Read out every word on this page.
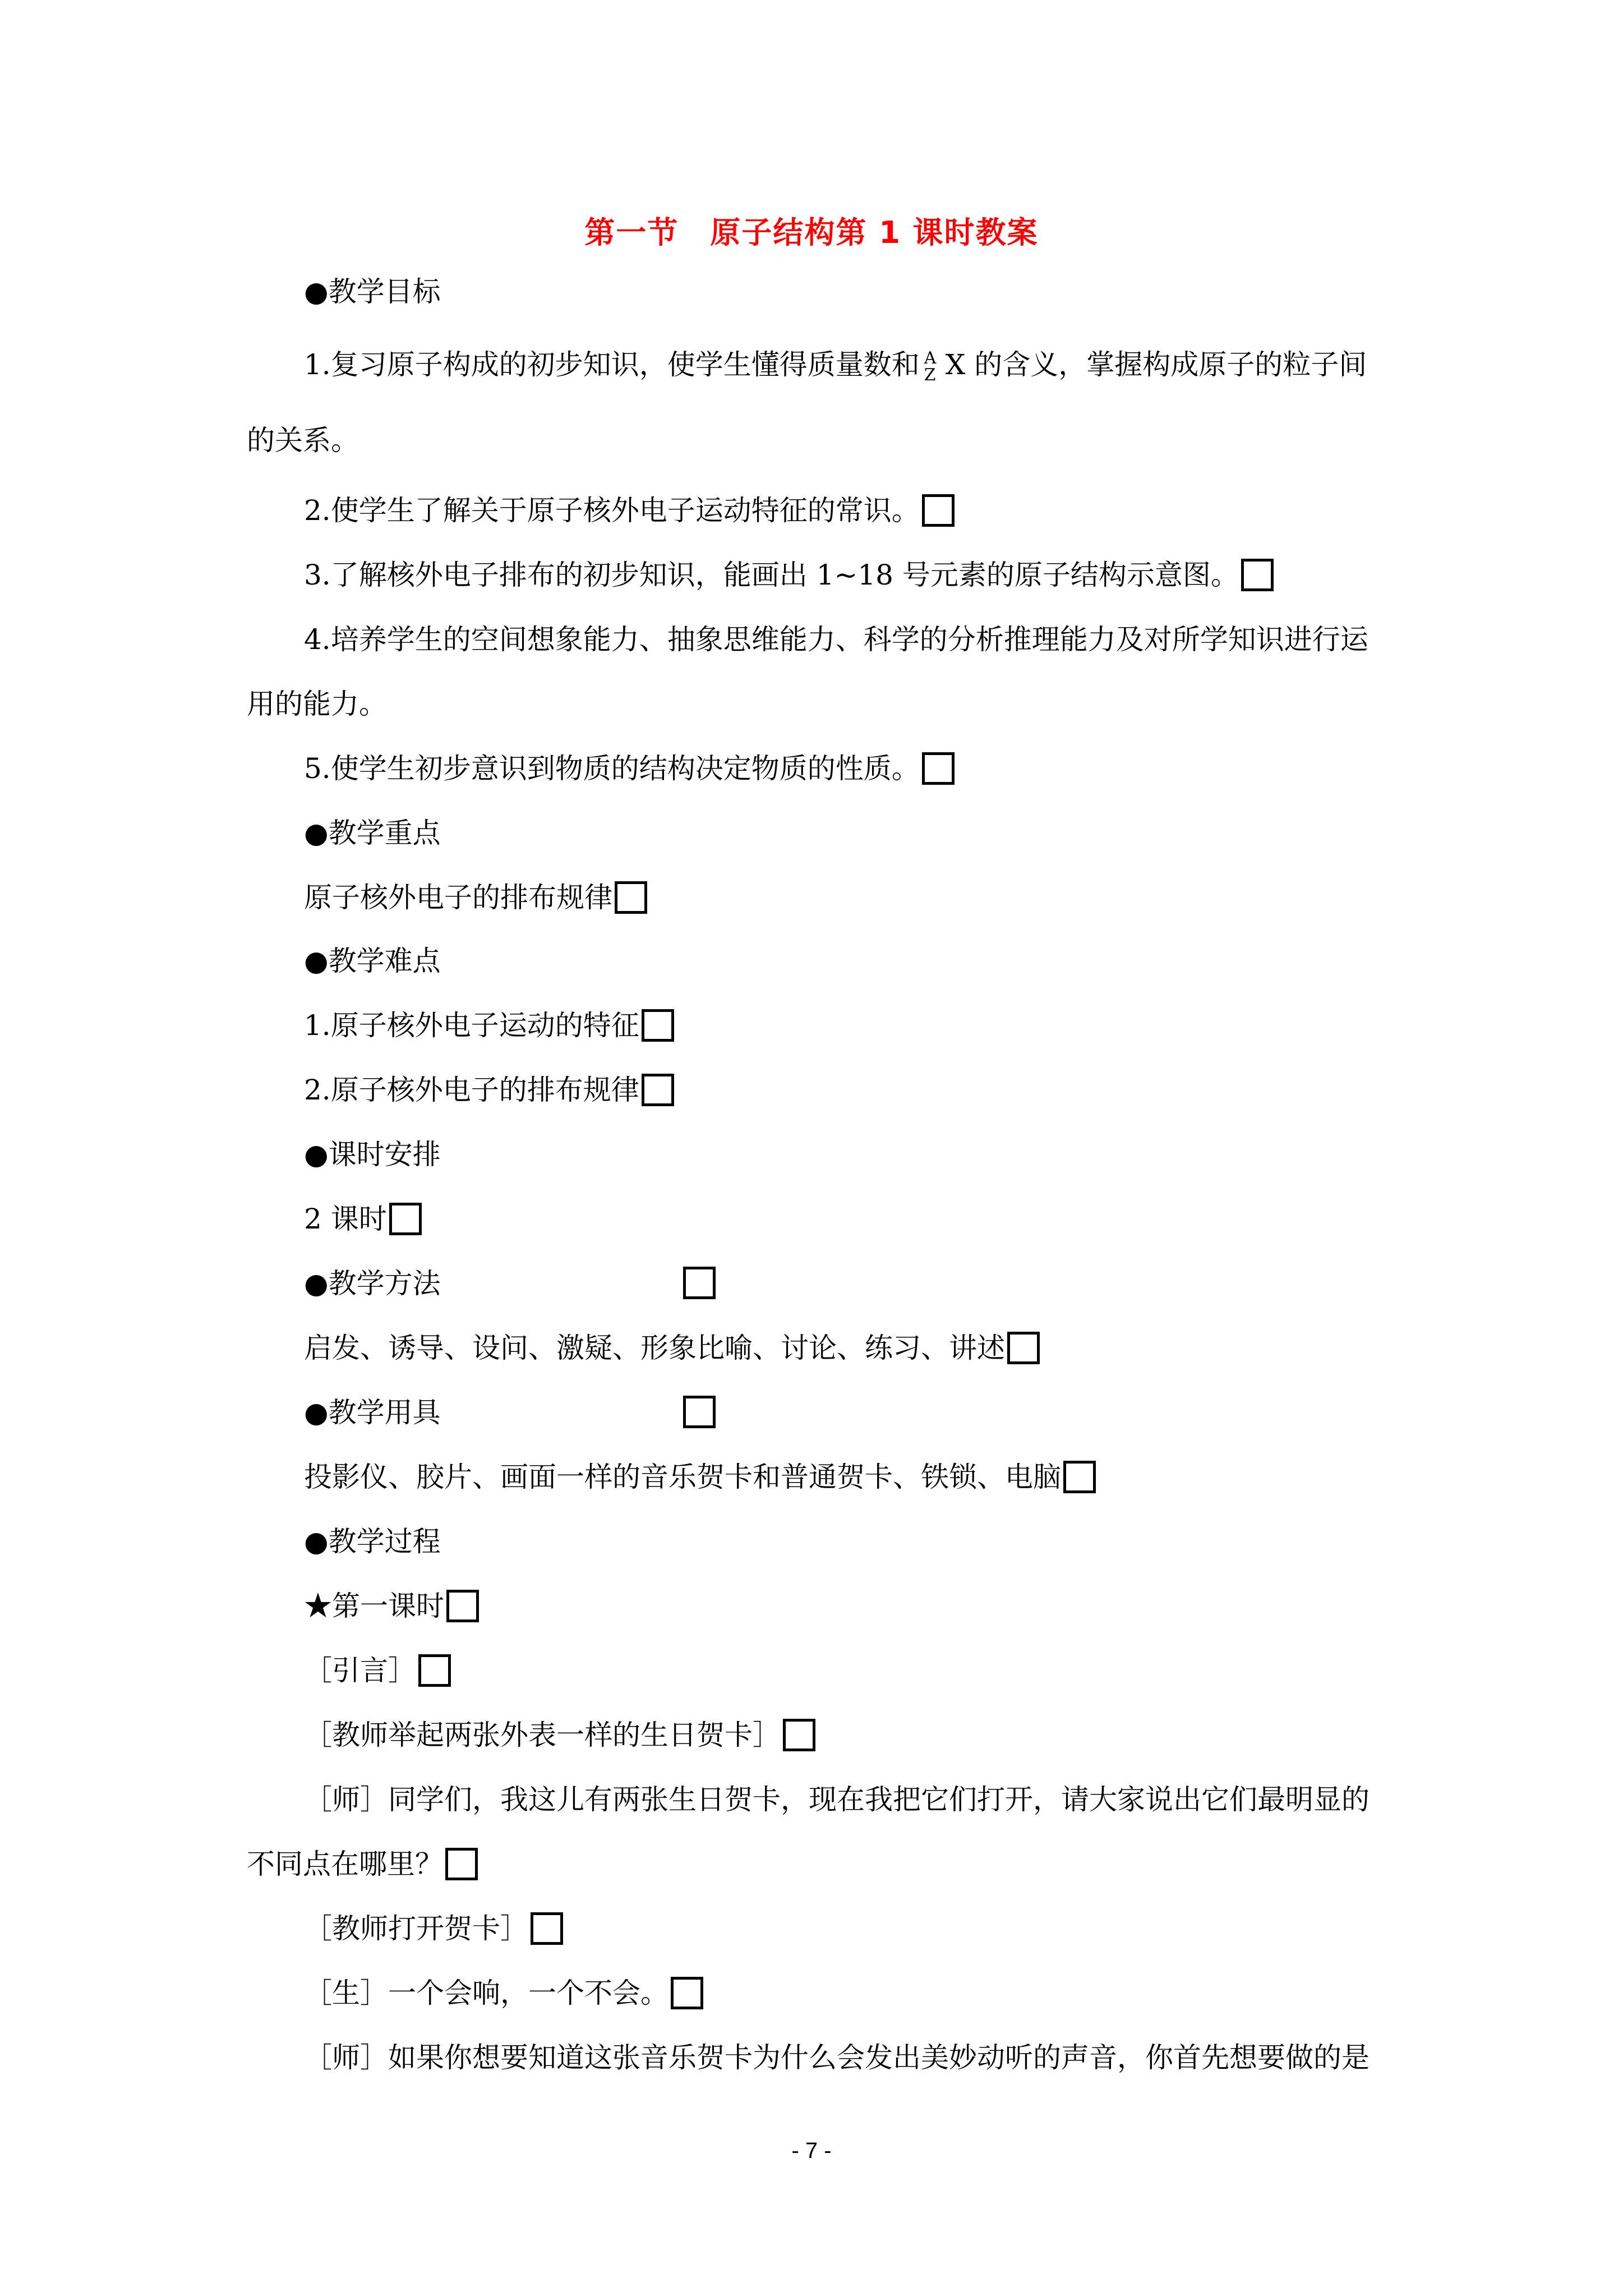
第一节 原子结构第 1 课时教案
●教学目标
1.复习原子构成的初步知识，使学生懂得质量数和 A
Z X 的含义，掌握构成原子的粒子间
的关系。
2.使学生了解关于原子核外电子运动特征的常识。
3.了解核外电子排布的初步知识，能画出 1~18 号元素的原子结构示意图。
4.培养学生的空间想象能力、抽象思维能力、科学的分析推理能力及对所学知识进行运
用的能力。
5.使学生初步意识到物质的结构决定物质的性质。
●教学重点
原子核外电子的排布规律
●教学难点
1.原子核外电子运动的特征
2.原子核外电子的排布规律
●课时安排
2 课时
●教学方法
启发、诱导、设问、激疑、形象比喻、讨论、练习、讲述
●教学用具
投影仪、胶片、画面一样的音乐贺卡和普通贺卡、铁锁、电脑
●教学过程
★第一课时
［引言］
［教师举起两张外表一样的生日贺卡］
［师］同学们，我这儿有两张生日贺卡，现在我把它们打开，请大家说出它们最明显的
不同点在哪里？
［教师打开贺卡］
［生］一个会响，一个不会。
［师］如果你想要知道这张音乐贺卡为什么会发出美妙动听的声音，你首先想要做的是
- 7 -
